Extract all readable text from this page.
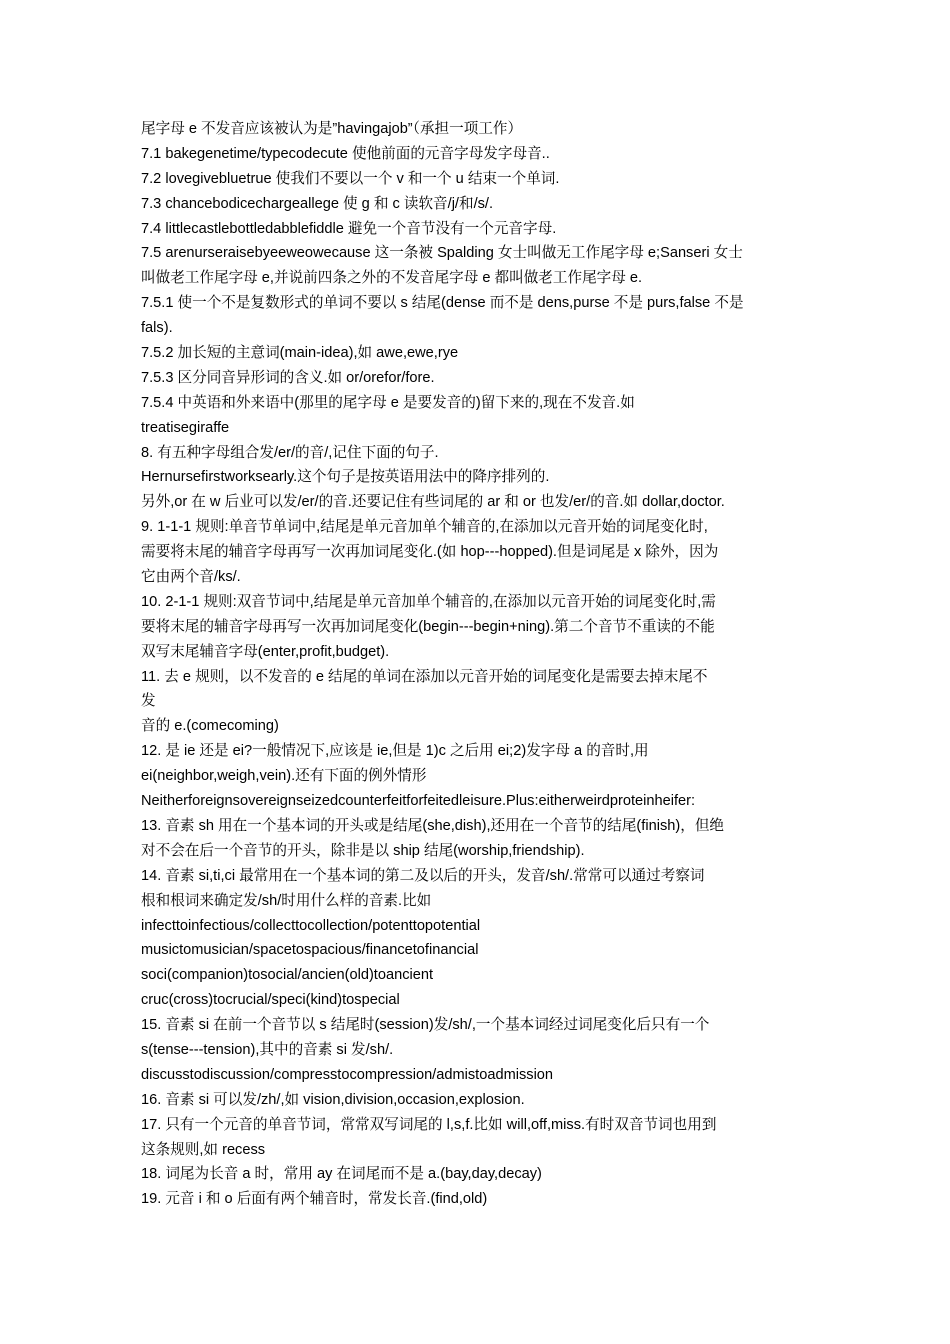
尾字母 e 不发音应该被认为是”havingajob”（承担一项工作）
7.1 bakegenetime/typecodecute 使他前面的元音字母发字母音..
7.2 lovegivebluetrue 使我们不要以一个 v 和一个 u 结束一个单词.
7.3 chancebodicechargeallege 使 g 和 c 读软音/j/和/s/.
7.4 littlecastlebottledabblefiddle 避免一个音节没有一个元音字母.
7.5 arenurseraisebyeeweowecause 这一条被 Spalding 女士叫做无工作尾字母 e;Sanseri 女士
叫做老工作尾字母 e,并说前四条之外的不发音尾字母 e 都叫做老工作尾字母 e.
7.5.1 使一个不是复数形式的单词不要以 s 结尾(dense 而不是 dens,purse 不是 purs,false 不是
fals).
7.5.2 加长短的主意词(main-idea),如 awe,ewe,rye
7.5.3 区分同音异形词的含义.如 or/orefor/fore.
7.5.4 中英语和外来语中(那里的尾字母 e 是要发音的)留下来的,现在不发音.如
treatisegiraffe
8. 有五种字母组合发/er/的音/,记住下面的句子.
Hernursefirstworksearly.这个句子是按英语用法中的降序排列的.
另外,or 在 w 后业可以发/er/的音.还要记住有些词尾的 ar 和 or 也发/er/的音.如 dollar,doctor.
9. 1-1-1 规则:单音节单词中,结尾是单元音加单个辅音的,在添加以元音开始的词尾变化时,
需要将末尾的辅音字母再写一次再加词尾变化.(如 hop---hopped).但是词尾是 x 除外，因为
它由两个音/ks/.
10. 2-1-1 规则:双音节词中,结尾是单元音加单个辅音的,在添加以元音开始的词尾变化时,需
要将末尾的辅音字母再写一次再加词尾变化(begin---begin+ning).第二个音节不重读的不能
双写末尾辅音字母(enter,profit,budget).
11. 去 e 规则，以不发音的 e 结尾的单词在添加以元音开始的词尾变化是需要去掉末尾不
发
音的 e.(comecoming)
12. 是 ie 还是 ei?一般情况下,应该是 ie,但是 1)c 之后用 ei;2)发字母 a 的音时,用
ei(neighbor,weigh,vein).还有下面的例外情形
Neitherforeignsovereignseizedcounterfeitforfeitedleisure.Plus:eitherweirdproteinheifer:
13. 音素 sh 用在一个基本词的开头或是结尾(she,dish),还用在一个音节的结尾(finish)，但绝
对不会在后一个音节的开头，除非是以 ship 结尾(worship,friendship).
14. 音素 si,ti,ci 最常用在一个基本词的第二及以后的开头，发音/sh/.常常可以通过考察词
根和根词来确定发/sh/时用什么样的音素.比如
infecttoinfectious/collecttocollection/potenttopotential
musictomusician/spacetospacious/financetofinancial
soci(companion)tosocial/ancien(old)toancient
cruc(cross)tocrucial/speci(kind)tospecial
15. 音素 si 在前一个音节以 s 结尾时(session)发/sh/,一个基本词经过词尾变化后只有一个
s(tense---tension),其中的音素 si 发/sh/.
discusstodiscussion/compresstocompression/admistoadmission
16. 音素 si 可以发/zh/,如 vision,division,occasion,explosion.
17. 只有一个元音的单音节词，常常双写词尾的 l,s,f.比如 will,off,miss.有时双音节词也用到
这条规则,如 recess
18. 词尾为长音 a 时，常用 ay 在词尾而不是 a.(bay,day,decay)
19. 元音 i 和 o 后面有两个辅音时，常发长音.(find,old)
